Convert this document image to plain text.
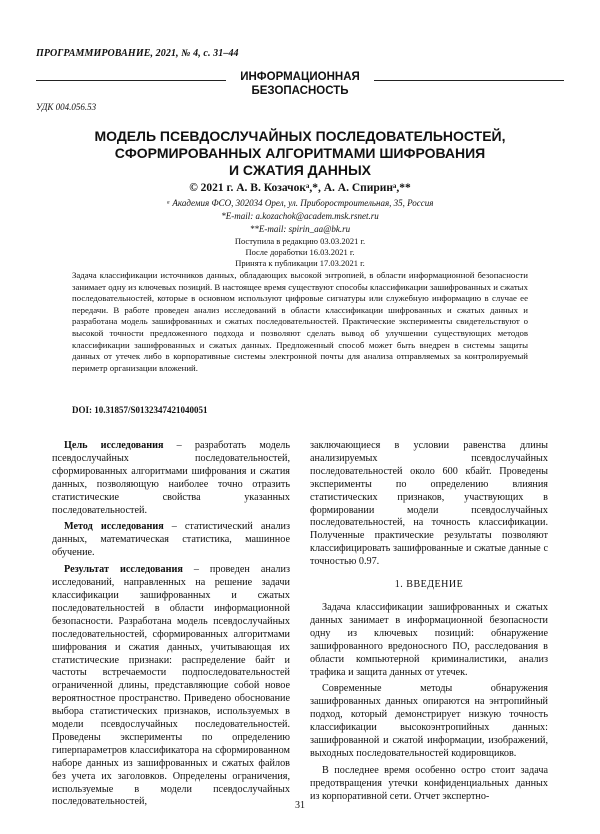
ПРОГРАММИРОВАНИЕ, 2021, № 4, с. 31–44
ИНФОРМАЦИОННАЯ
БЕЗОПАСНОСТЬ
УДК 004.056.53
МОДЕЛЬ ПСЕВДОСЛУЧАЙНЫХ ПОСЛЕДОВАТЕЛЬНОСТЕЙ,
СФОРМИРОВАННЫХ АЛГОРИТМАМИ ШИФРОВАНИЯ
И СЖАТИЯ ДАННЫХ
© 2021 г. А. В. Козачокᵃ,*, А. А. Спиринᵃ,**
ᵃ Академия ФСО, 302034 Орел, ул. Приборостроительная, 35, Россия
*E-mail: a.kozachok@academ.msk.rsnet.ru
**E-mail: spirin_aa@bk.ru
Поступила в редакцию 03.03.2021 г.
После доработки 16.03.2021 г.
Принята к публикации 17.03.2021 г.
Задача классификации источников данных, обладающих высокой энтропией, в области информационной безопасности занимает одну из ключевых позиций. В настоящее время существуют способы классификации зашифрованных и сжатых последовательностей, которые в основном используют цифровые сигнатуры или служебную информацию в случае ее передачи. В работе проведен анализ исследований в области классификации шифрованных и сжатых данных и разработана модель зашифрованных и сжатых последовательностей. Практические эксперименты свидетельствуют о высокой точности предложенного подхода и позволяют сделать вывод об улучшении существующих методов классификации зашифрованных и сжатых данных. Предложенный способ может быть внедрен в системы защиты данных от утечек либо в корпоративные системы электронной почты для анализа отправляемых за контролируемый периметр организации вложений.
DOI: 10.31857/S0132347421040051

Цель исследования – разработать модель псевдослучайных последовательностей, сформированных алгоритмами шифрования и сжатия данных, позволяющую наиболее точно отразить статистические свойства указанных последовательностей.

Метод исследования – статистический анализ данных, математическая статистика, машинное обучение.

Результат исследования – проведен анализ исследований, направленных на решение задачи классификации зашифрованных и сжатых последовательностей в области информационной безопасности. Разработана модель псевдослучайных последовательностей, сформированных алгоритмами шифрования и сжатия данных, учитывающая их статистические признаки: распределение байт и частоты встречаемости подпоследовательностей ограниченной длины, представляющие собой новое вероятностное пространство. Приведено обоснование выбора статистических признаков, используемых в модели псевдослучайных последовательностей. Проведены эксперименты по определению гиперпараметров классификатора на сформированном наборе данных из зашифрованных и сжатых файлов без учета их заголовков. Определены ограничения, используемые в модели псевдослучайных последовательностей,

заключающиеся в условии равенства длины анализируемых псевдослучайных последовательностей около 600 кбайт. Проведены эксперименты по определению влияния статистических признаков, участвующих в формировании модели псевдослучайных последовательностей, на точность классификации. Полученные практические результаты позволяют классифицировать зашифрованные и сжатые данные с точностью 0.97.

1. ВВЕДЕНИЕ

Задача классификации зашифрованных и сжатых данных занимает в информационной безопасности одну из ключевых позиций: обнаружение зашифрованного вредоносного ПО, расследования в области компьютерной криминалистики, анализ трафика и защита данных от утечек.

Современные методы обнаружения зашифрованных данных опираются на энтропийный подход, который демонстрирует низкую точность классификации высокоэнтропийных данных: зашифрованной и сжатой информации, изображений, выходных последовательностей кодировщиков.

В последнее время особенно остро стоит задача предотвращения утечки конфиденциальных данных из корпоративной сети. Отчет экспертно-

31
